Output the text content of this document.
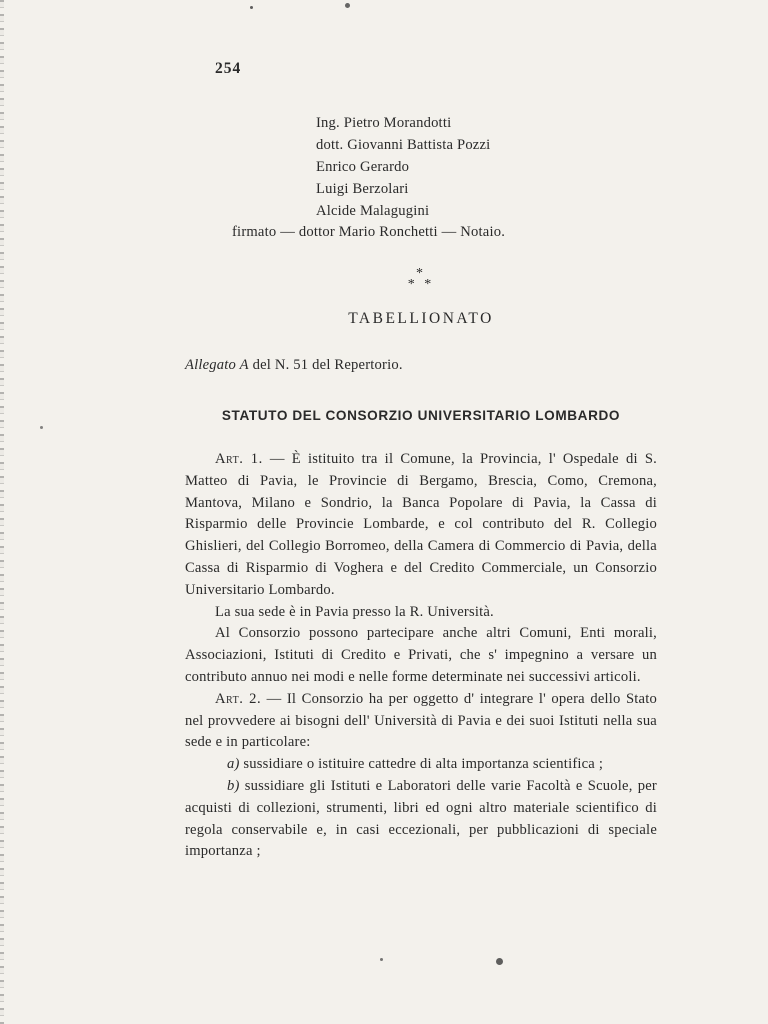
254
Ing. Pietro Morandotti
dott. Giovanni Battista Pozzi
Enrico Gerardo
Luigi Berzolari
Alcide Malagugini
firmato — dottor Mario Ronchetti — Notaio.
*
* *
TABELLIONATO
Allegato A del N. 51 del Repertorio.
STATUTO DEL CONSORZIO UNIVERSITARIO LOMBARDO

Art. 1. — È istituito tra il Comune, la Provincia, l' Ospedale di S. Matteo di Pavia, le Provincie di Bergamo, Brescia, Como, Cremona, Mantova, Milano e Sondrio, la Banca Popolare di Pavia, la Cassa di Risparmio delle Provincie Lombarde, e col contributo del R. Collegio Ghislieri, del Collegio Borromeo, della Camera di Commercio di Pavia, della Cassa di Risparmio di Voghera e del Credito Commerciale, un Consorzio Universitario Lombardo.

La sua sede è in Pavia presso la R. Università.

Al Consorzio possono partecipare anche altri Comuni, Enti morali, Associazioni, Istituti di Credito e Privati, che s' impegnino a versare un contributo annuo nei modi e nelle forme determinate nei successivi articoli.

Art. 2. — Il Consorzio ha per oggetto d' integrare l' opera dello Stato nel provvedere ai bisogni dell' Università di Pavia e dei suoi Istituti nella sua sede e in particolare:

a) sussidiare o istituire cattedre di alta importanza scientifica ;

b) sussidiare gli Istituti e Laboratori delle varie Facoltà e Scuole, per acquisti di collezioni, strumenti, libri ed ogni altro materiale scientifico di regola conservabile e, in casi eccezionali, per pubblicazioni di speciale importanza ;
